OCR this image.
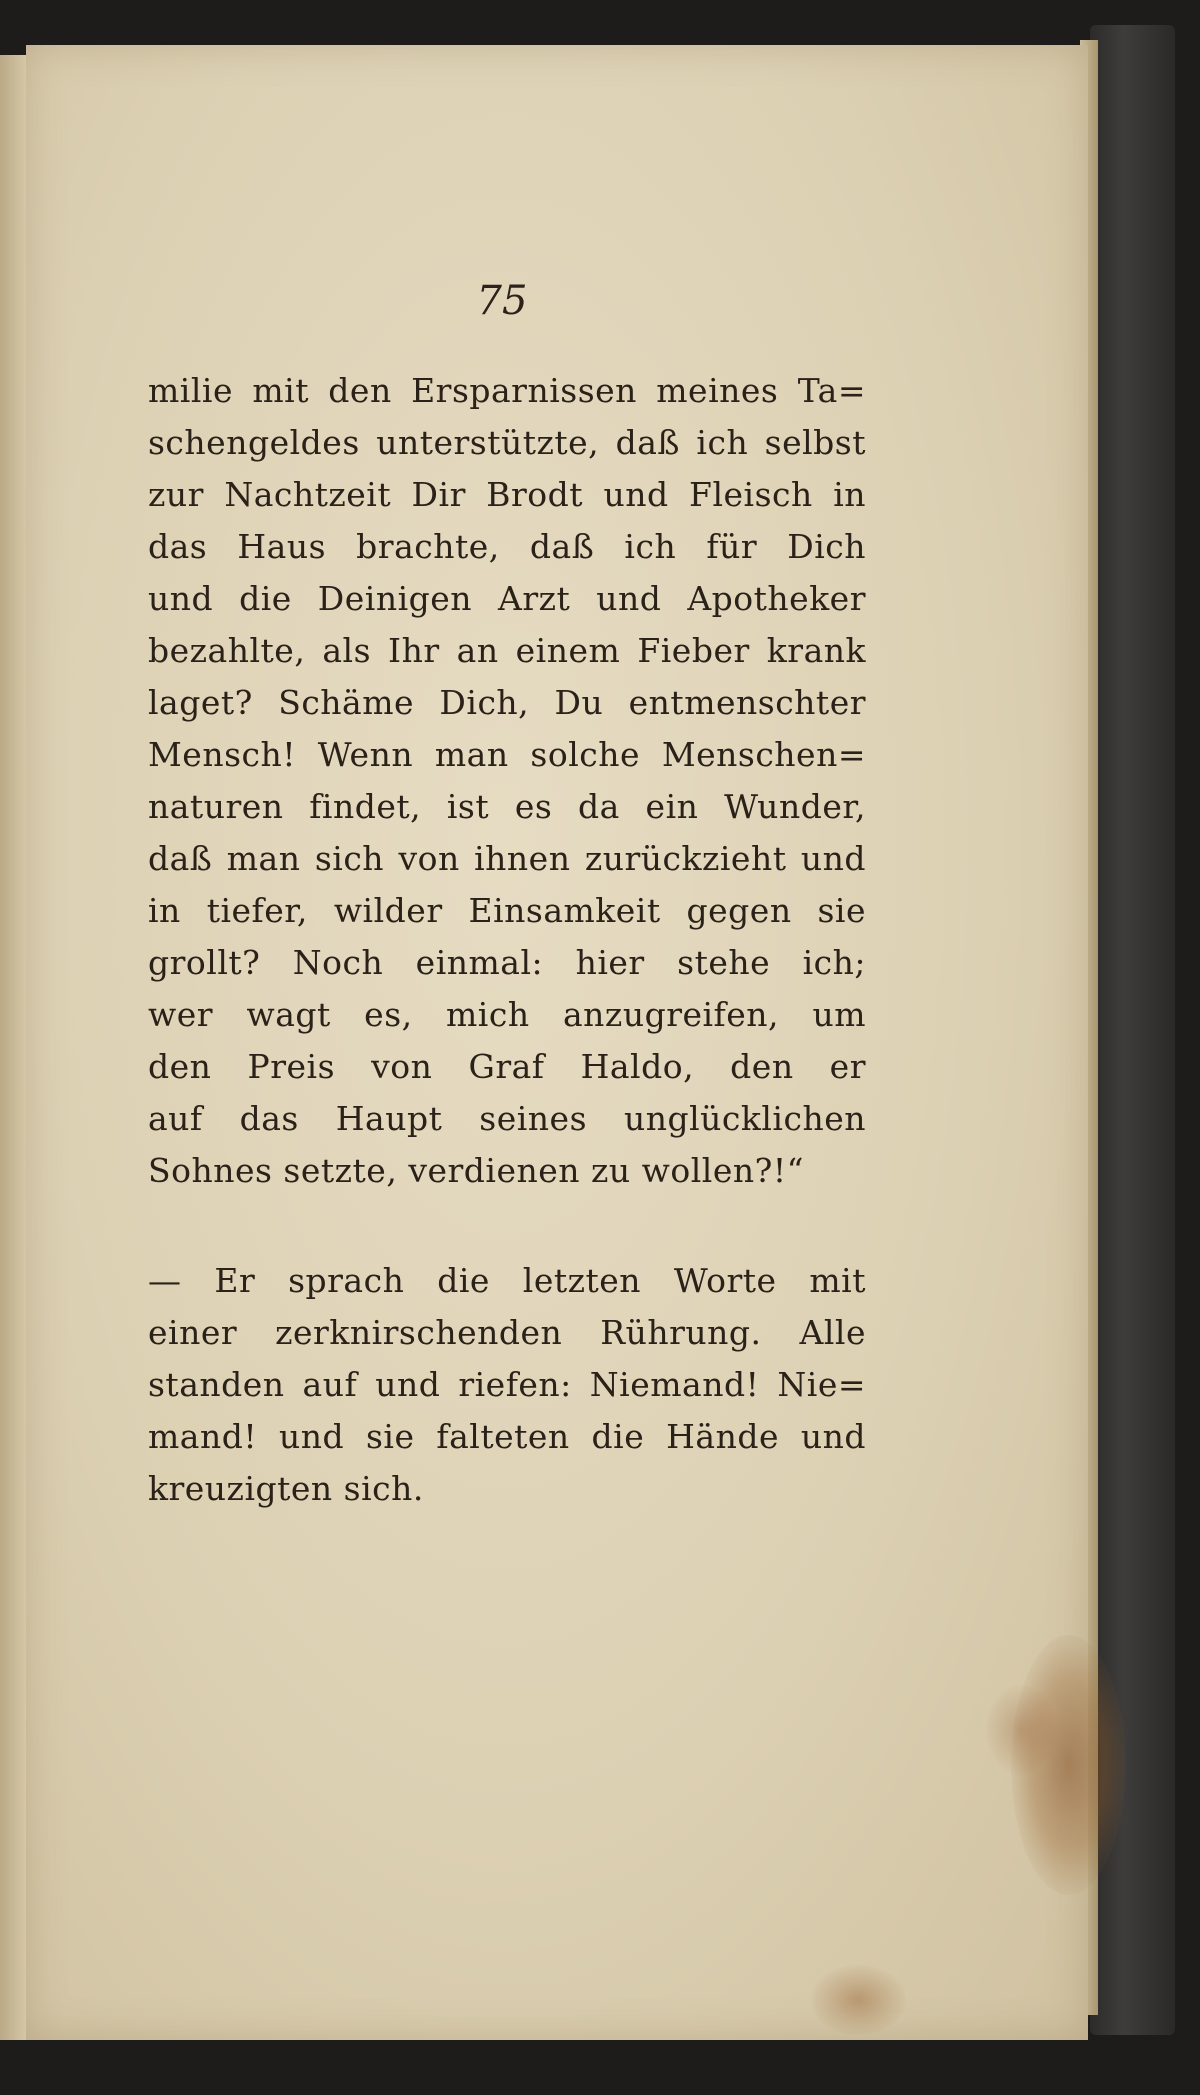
75
milie mit den Ersparnissen meines Ta=
schengeldes unterstützte, daß ich selbst
zur Nachtzeit Dir Brodt und Fleisch in
das Haus brachte, daß ich für Dich
und die Deinigen Arzt und Apotheker
bezahlte, als Ihr an einem Fieber krank
laget? Schäme Dich, Du entmenschter
Mensch! Wenn man solche Menschen=
naturen findet, ist es da ein Wunder,
daß man sich von ihnen zurückzieht und
in tiefer, wilder Einsamkeit gegen sie
grollt? Noch einmal: hier stehe ich;
wer wagt es, mich anzugreifen, um
den Preis von Graf Haldo, den er
auf das Haupt seines unglücklichen
Sohnes setzte, verdienen zu wollen?!“
— Er sprach die letzten Worte mit
einer zerknirschenden Rührung. Alle
standen auf und riefen: Niemand! Nie=
mand! und sie falteten die Hände und
kreuzigten sich.
